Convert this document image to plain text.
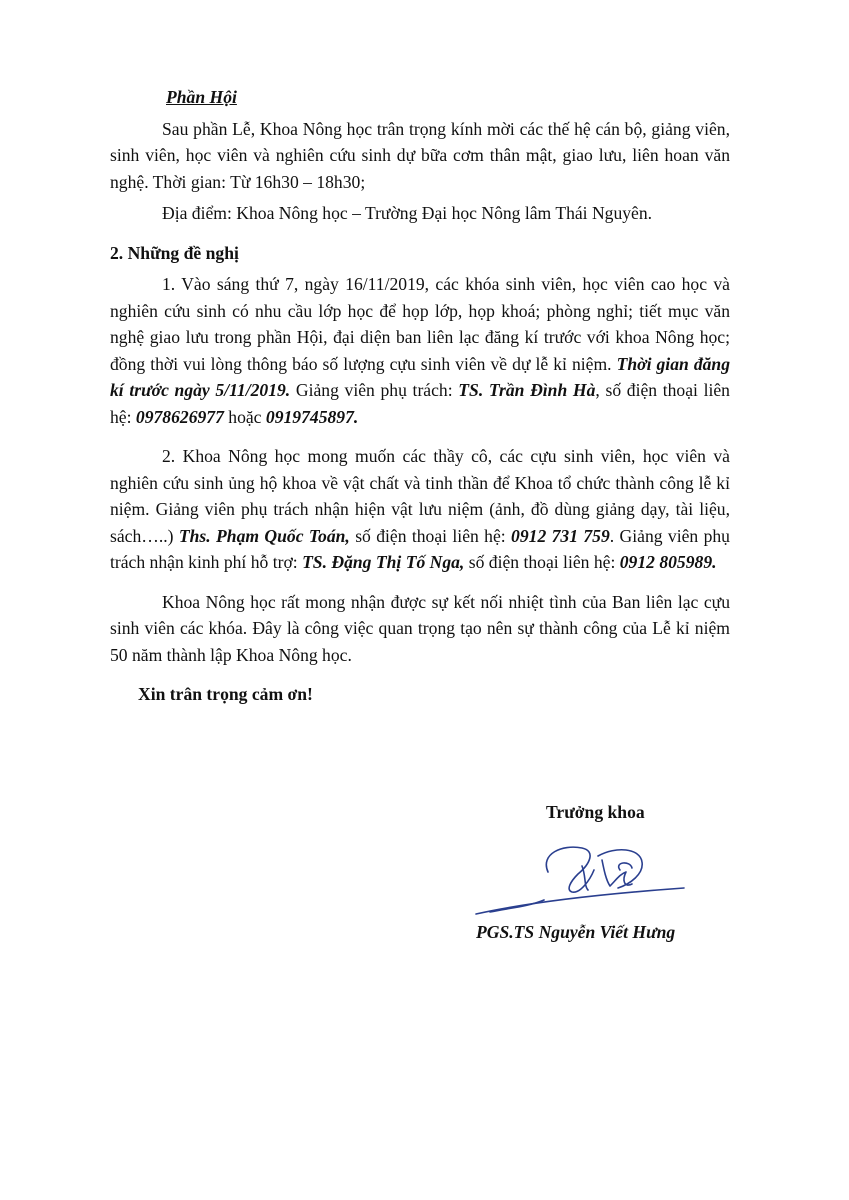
Phần Hội

Sau phần Lễ, Khoa Nông học trân trọng kính mời các thế hệ cán bộ, giảng viên, sinh viên, học viên và nghiên cứu sinh dự bữa cơm thân mật, giao lưu, liên hoan văn nghệ. Thời gian: Từ 16h30 – 18h30;

Địa điểm: Khoa Nông học – Trường Đại học Nông lâm Thái Nguyên.

2. Những đề nghị

1. Vào sáng thứ 7, ngày 16/11/2019, các khóa sinh viên, học viên cao học và nghiên cứu sinh có nhu cầu lớp học để họp lớp, họp khoá; phòng nghỉ; tiết mục văn nghệ giao lưu trong phần Hội, đại diện ban liên lạc đăng kí trước với khoa Nông học; đồng thời vui lòng thông báo số lượng cựu sinh viên về dự lễ kỉ niệm. Thời gian đăng kí trước ngày 5/11/2019. Giảng viên phụ trách: TS. Trần Đình Hà, số điện thoại liên hệ: 0978626977 hoặc 0919745897.

2. Khoa Nông học mong muốn các thầy cô, các cựu sinh viên, học viên và nghiên cứu sinh ủng hộ khoa về vật chất và tinh thần để Khoa tổ chức thành công lễ kỉ niệm. Giảng viên phụ trách nhận hiện vật lưu niệm (ảnh, đồ dùng giảng dạy, tài liệu, sách…..) Ths. Phạm Quốc Toán, số điện thoại liên hệ: 0912 731 759. Giảng viên phụ trách nhận kinh phí hỗ trợ: TS. Đặng Thị Tố Nga, số điện thoại liên hệ: 0912 805989.

Khoa Nông học rất mong nhận được sự kết nối nhiệt tình của Ban liên lạc cựu sinh viên các khóa. Đây là công việc quan trọng tạo nên sự thành công của Lễ kỉ niệm 50 năm thành lập Khoa Nông học.

Xin trân trọng cảm ơn!

Trưởng khoa
PGS.TS Nguyễn Viết Hưng
